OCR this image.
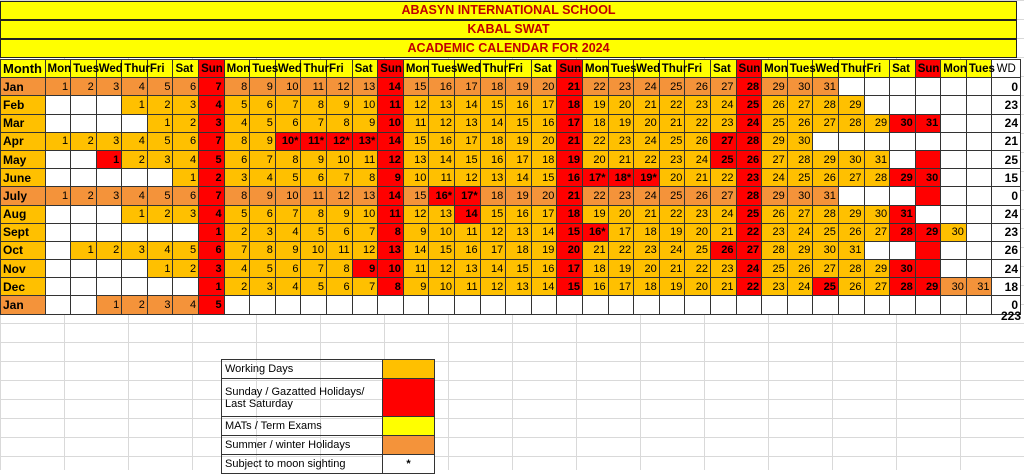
ABASYN INTERNATIONAL SCHOOL
KABAL SWAT
ACADEMIC CALENDAR FOR 2024
Month	Mon	Tues	Wed	Thur	Fri	Sat	Sun	Mon	Tues	Wed	Thur	Fri	Sat	Sun	Mon	Tues	Wed	Thur	Fri	Sat	Sun	Mon	Tues	Wed	Thur	Fri	Sat	Sun	Mon	Tues	Wed	Thur	Fri	Sat	Sun	Mon	Tues	WD
Jan	1	2	3	4	5	6	7	8	9	10	11	12	13	14	15	16	17	18	19	20	21	22	23	24	25	26	27	28	29	30	31							0
Feb				1	2	3	4	5	6	7	8	9	10	11	12	13	14	15	16	17	18	19	20	21	22	23	24	25	26	27	28	29						23
Mar					1	2	3	4	5	6	7	8	9	10	11	12	13	14	15	16	17	18	19	20	21	22	23	24	25	26	27	28	29	30	31			24
Apr	1	2	3	4	5	6	7	8	9	10*	11*	12*	13*	14	15	16	17	18	19	20	21	22	23	24	25	26	27	28	29	30								21
May			1	2	3	4	5	6	7	8	9	10	11	12	13	14	15	16	17	18	19	20	21	22	23	24	25	26	27	28	29	30	31					25
June						1	2	3	4	5	6	7	8	9	10	11	12	13	14	15	16	17*	18*	19*	20	21	22	23	24	25	26	27	28	29	30			15
July	1	2	3	4	5	6	7	8	9	10	11	12	13	14	15	16*	17*	18	19	20	21	22	23	24	25	26	27	28	29	30	31							0
Aug				1	2	3	4	5	6	7	8	9	10	11	12	13	14	15	16	17	18	19	20	21	22	23	24	25	26	27	28	29	30	31				24
Sept							1	2	3	4	5	6	7	8	9	10	11	12	13	14	15	16*	17	18	19	20	21	22	23	24	25	26	27	28	29	30		23
Oct		1	2	3	4	5	6	7	8	9	10	11	12	13	14	15	16	17	18	19	20	21	22	23	24	25	26	27	28	29	30	31						26
Nov					1	2	3	4	5	6	7	8	9	10	11	12	13	14	15	16	17	18	19	20	21	22	23	24	25	26	27	28	29	30				24
Dec							1	2	3	4	5	6	7	8	9	10	11	12	13	14	15	16	17	18	19	20	21	22	23	24	25	26	27	28	29	30	31	18
Jan			1	2	3	4	5																															0
223
Working Days	
Sunday / Gazatted Holidays/ Last Saturday	
MATs / Term Exams	
Summer / winter Holidays	
Subject to moon sighting	*
